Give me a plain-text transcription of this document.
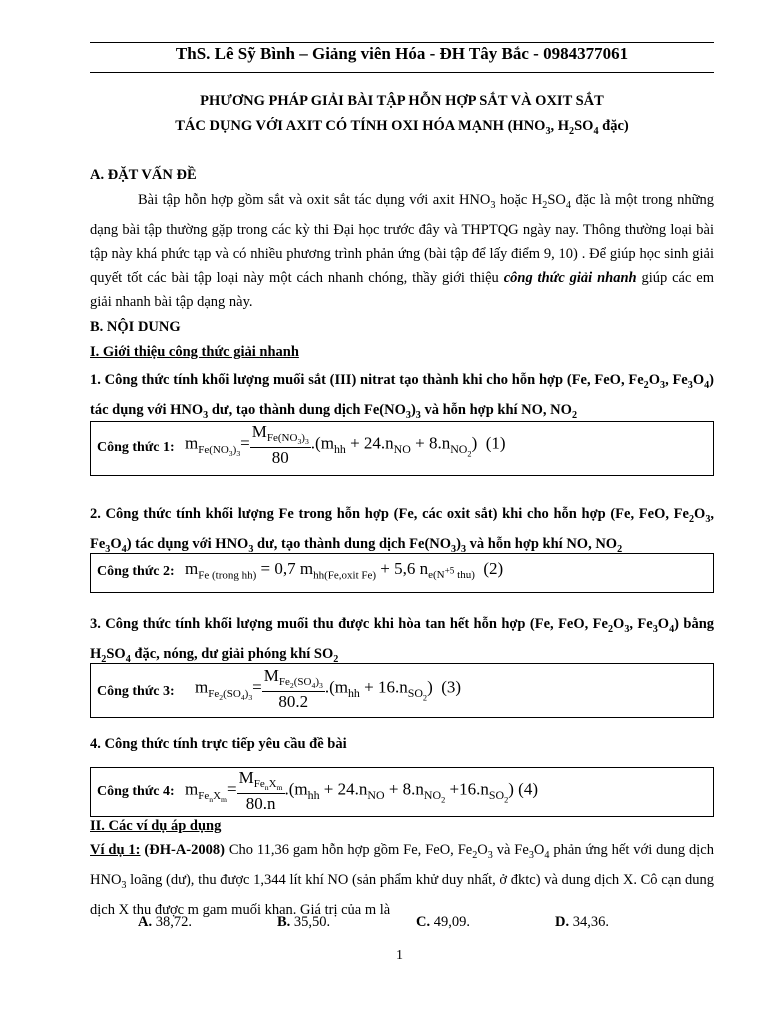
ThS. Lê Sỹ Bình – Giảng viên Hóa - ĐH Tây Bắc - 0984377061
PHƯƠNG PHÁP GIẢI BÀI TẬP HỖN HỢP SẮT VÀ OXIT SẮT
TÁC DỤNG VỚI AXIT CÓ TÍNH OXI HÓA MẠNH ($HNO_3$, $H_2SO_4$ đặc)
A. ĐẶT VẤN ĐỀ
Bài tập hỗn hợp gồm sắt và oxit sắt tác dụng với axit $HNO_3$ hoặc $H_2SO_4$ đặc là một trong những dạng bài tập thường gặp trong các kỳ thi Đại học trước đây và THPTQG ngày nay. Thông thường loại bài tập này khá phức tạp và có nhiều phương trình phản ứng (bài tập để lấy điểm 9, 10) . Để giúp học sinh giải quyết tốt các bài tập loại này một cách nhanh chóng, thầy giới thiệu công thức giải nhanh giúp các em giải nhanh bài tập dạng này.
B. NỘI DUNG
I. Giới thiệu công thức giải nhanh
1. Công thức tính khối lượng muối sắt (III) nitrat tạo thành khi cho hỗn hợp (Fe, FeO, $Fe_2O_3$, $Fe_3O_4$) tác dụng với $HNO_3$ dư, tạo thành dung dịch $Fe(NO_3)_3$ và hỗn hợp khí NO, $NO_2$
Công thức 1: $m_{Fe(NO_3)_3}= \frac{M_{Fe(NO_3)_3}}{80} .(m_{hh} + 24.n_{NO} + 8.n_{NO_2})$ (1)
2. Công thức tính khối lượng Fe trong hỗn hợp (Fe, các oxit sắt) khi cho hỗn hợp (Fe, FeO, $Fe_2O_3$, $Fe_3O_4$) tác dụng với $HNO_3$ dư, tạo thành dung dịch $Fe(NO_3)_3$ và hỗn hợp khí NO, $NO_2$
Công thức 2: $m_{Fe (trong hh)} = 0,7$ $m_{hh(Fe,oxit Fe)} + 5,6$ $n_{e(N^{+5} thu)}$ (2)
3. Công thức tính khối lượng muối thu được khi hòa tan hết hỗn hợp (Fe, FeO, $Fe_2O_3$, $Fe_3O_4$) bằng $H_2SO_4$ đặc, nóng, dư giải phóng khí $SO_2$
Công thức 3: $m_{Fe_2(SO_4)_3}= \frac{M_{Fe_2(SO_4)_3}}{80.2} .(m_{hh} + 16.n_{SO_2})$ (3)
4. Công thức tính trực tiếp yêu cầu đề bài
Công thức 4: $m_{Fe_nX_m}= \frac{M_{Fe_nX_m}}{80.n} .(m_{hh} + 24.n_{NO} + 8.n_{NO_2} +16.n_{SO_2})$ (4)
II. Các ví dụ áp dụng
Ví dụ 1: (ĐH-A-2008) Cho 11,36 gam hỗn hợp gồm Fe, FeO, $Fe_2O_3$ và $Fe_3O_4$ phản ứng hết với dung dịch $HNO_3$ loãng (dư), thu được 1,344 lít khí NO (sản phẩm khử duy nhất, ở đktc) và dung dịch X. Cô cạn dung dịch X thu được m gam muối khan. Giá trị của m là
A. 38,72.	B. 35,50.	C. 49,09.	D. 34,36.
1
